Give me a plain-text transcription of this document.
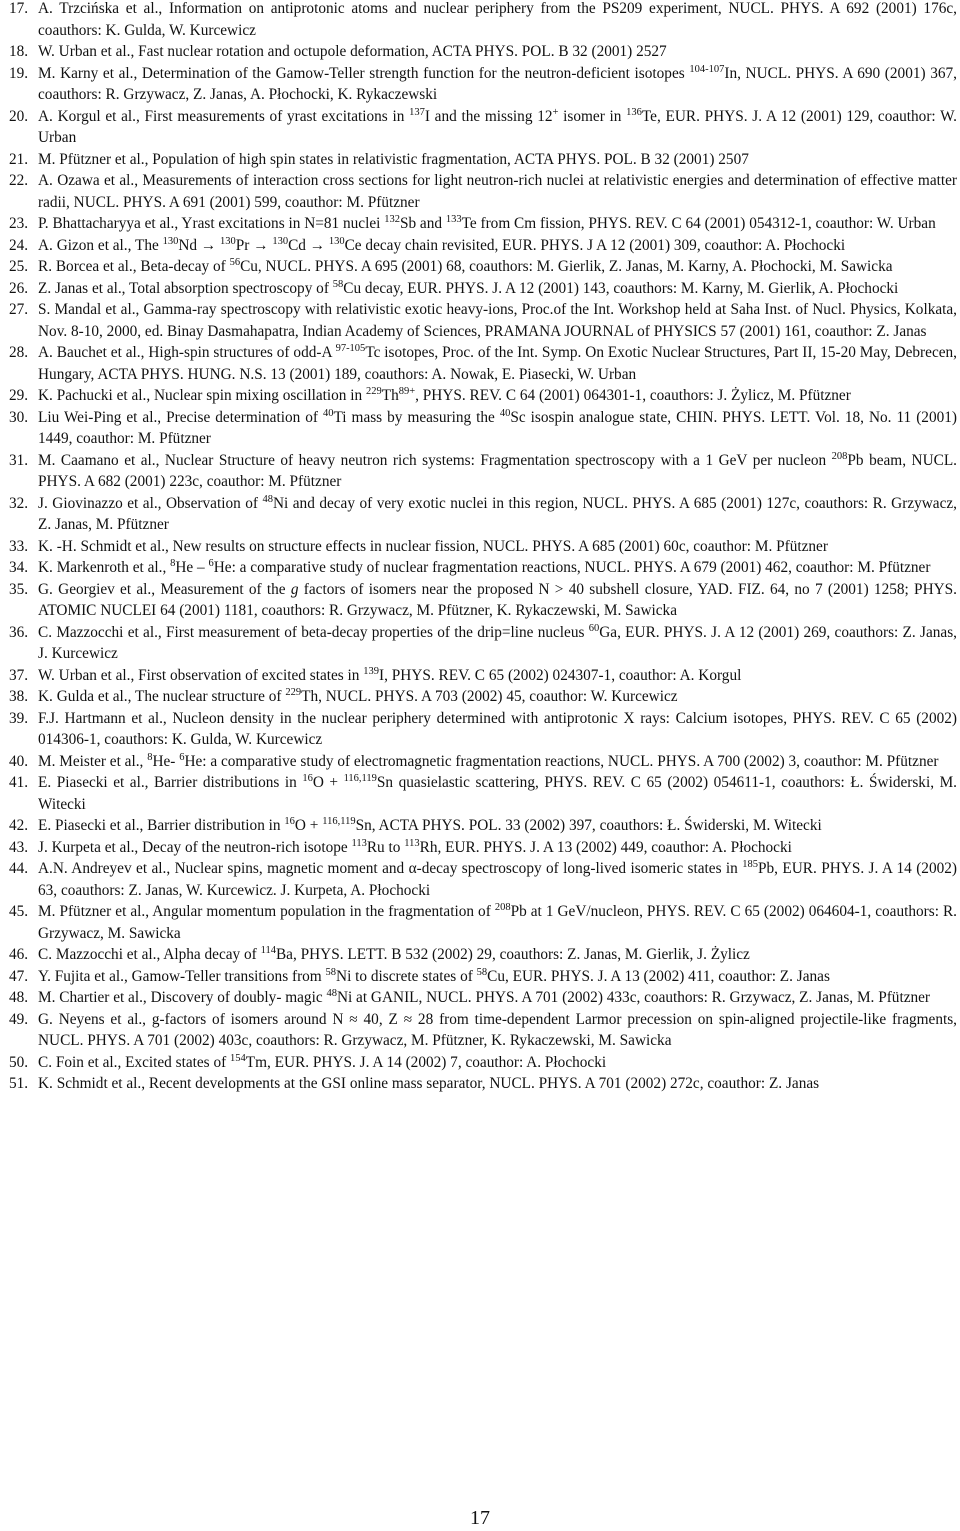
17. A. Trzcińska et al., Information on antiprotonic atoms and nuclear periphery from the PS209 experiment, NUCL. PHYS. A 692 (2001) 176c, coauthors: K. Gulda, W. Kurcewicz
18. W. Urban et al., Fast nuclear rotation and octupole deformation, ACTA PHYS. POL. B 32 (2001) 2527
19. M. Karny et al., Determination of the Gamow-Teller strength function for the neutron-deficient isotopes $^{104-107}$In, NUCL. PHYS. A 690 (2001) 367, coauthors: R. Grzywacz, Z. Janas, A. Płochocki, K. Rykaczewski
20. A. Korgul et al., First measurements of yrast excitations in $^{137}$I and the missing 12+ isomer in $^{136}$Te, EUR. PHYS. J. A 12 (2001) 129, coauthor: W. Urban
21. M. Pfützner et al., Population of high spin states in relativistic fragmentation, ACTA PHYS. POL. B 32 (2001) 2507
22. A. Ozawa et al., Measurements of interaction cross sections for light neutron-rich nuclei at relativistic energies and determination of effective matter radii, NUCL. PHYS. A 691 (2001) 599, coauthor: M. Pfützner
23. P. Bhattacharyya et al., Yrast excitations in N=81 nuclei $^{132}$Sb and $^{133}$Te from Cm fission, PHYS. REV. C 64 (2001) 054312-1, coauthor: W. Urban
24. A. Gizon et al., The $^{130}$Nd → $^{130}$Pr → $^{130}$Cd → $^{130}$Ce decay chain revisited, EUR. PHYS. J A 12 (2001) 309, coauthor: A. Płochocki
25. R. Borcea et al., Beta-decay of $^{56}$Cu, NUCL. PHYS. A 695 (2001) 68, coauthors: M. Gierlik, Z. Janas, M. Karny, A. Płochocki, M. Sawicka
26. Z. Janas et al., Total absorption spectroscopy of $^{58}$Cu decay, EUR. PHYS. J. A 12 (2001) 143, coauthors: M. Karny, M. Gierlik, A. Płochocki
27. S. Mandal et al., Gamma-ray spectroscopy with relativistic exotic heavy-ions, Proc.of the Int. Workshop held at Saha Inst. of Nucl. Physics, Kolkata, Nov. 8-10, 2000, ed. Binay Dasmahapatra, Indian Academy of Sciences, PRAMANA JOURNAL of PHYSICS 57 (2001) 161, coauthor: Z. Janas
28. A. Bauchet et al., High-spin structures of odd-A $^{97-105}$Tc isotopes, Proc. of the Int. Symp. On Exotic Nuclear Structures, Part II, 15-20 May, Debrecen, Hungary, ACTA PHYS. HUNG. N.S. 13 (2001) 189, coauthors: A. Nowak, E. Piasecki, W. Urban
29. K. Pachucki et al., Nuclear spin mixing oscillation in $^{229}Th^{89+}$, PHYS. REV. C 64 (2001) 064301-1, coauthors: J. Żylicz, M. Pfützner
30. Liu Wei-Ping et al., Precise determination of $^{40}$Ti mass by measuring the $^{40}$Sc isospin analogue state, CHIN. PHYS. LETT. Vol. 18, No. 11 (2001) 1449, coauthor: M. Pfützner
31. M. Caamano et al., Nuclear Structure of heavy neutron rich systems: Fragmentation spectroscopy with a 1 GeV per nucleon $^{208}$Pb beam, NUCL. PHYS. A 682 (2001) 223c, coauthor: M. Pfützner
32. J. Giovinazzo et al., Observation of $^{48}$Ni and decay of very exotic nuclei in this region, NUCL. PHYS. A 685 (2001) 127c, coauthors: R. Grzywacz, Z. Janas, M. Pfützner
33. K. -H. Schmidt et al., New results on structure effects in nuclear fission, NUCL. PHYS. A 685 (2001) 60c, coauthor: M. Pfützner
34. K. Markenroth et al., $^8$He – $^6$He: a comparative study of nuclear fragmentation reactions, NUCL. PHYS. A 679 (2001) 462, coauthor: M. Pfützner
35. G. Georgiev et al., Measurement of the g factors of isomers near the proposed N > 40 subshell closure, YAD. FIZ. 64, no 7 (2001) 1258; PHYS. ATOMIC NUCLEI 64 (2001) 1181, coauthors: R. Grzywacz, M. Pfützner, K. Rykaczewski, M. Sawicka
36. C. Mazzocchi et al., First measurement of beta-decay properties of the drip=line nucleus $^{60}$Ga, EUR. PHYS. J. A 12 (2001) 269, coauthors: Z. Janas, J. Kurcewicz
37. W. Urban et al., First observation of excited states in $^{139}$I, PHYS. REV. C 65 (2002) 024307-1, coauthor: A. Korgul
38. K. Gulda et al., The nuclear structure of $^{229}$Th, NUCL. PHYS. A 703 (2002) 45, coauthor: W. Kurcewicz
39. F.J. Hartmann et al., Nucleon density in the nuclear periphery determined with antiprotonic X rays: Calcium isotopes, PHYS. REV. C 65 (2002) 014306-1, coauthors: K. Gulda, W. Kurcewicz
40. M. Meister et al., $^8$He- $^6$He: a comparative study of electromagnetic fragmentation reactions, NUCL. PHYS. A 700 (2002) 3, coauthor: M. Pfützner
41. E. Piasecki et al., Barrier distributions in $^{16}$O + $^{116,119}$Sn quasielastic scattering, PHYS. REV. C 65 (2002) 054611-1, coauthors: Ł. Świderski, M. Witecki
42. E. Piasecki et al., Barrier distribution in $^{16}$O + $^{116,119}$Sn, ACTA PHYS. POL. 33 (2002) 397, coauthors: Ł. Świderski, M. Witecki
43. J. Kurpeta et al., Decay of the neutron-rich isotope $^{113}$Ru to $^{113}$Rh, EUR. PHYS. J. A 13 (2002) 449, coauthor: A. Płochocki
44. A.N. Andreyev et al., Nuclear spins, magnetic moment and α-decay spectroscopy of long-lived isomeric states in $^{185}$Pb, EUR. PHYS. J. A 14 (2002) 63, coauthors: Z. Janas, W. Kurcewicz. J. Kurpeta, A. Płochocki
45. M. Pfützner et al., Angular momentum population in the fragmentation of $^{208}$Pb at 1 GeV/nucleon, PHYS. REV. C 65 (2002) 064604-1, coauthors: R. Grzywacz, M. Sawicka
46. C. Mazzocchi et al., Alpha decay of $^{114}$Ba, PHYS. LETT. B 532 (2002) 29, coauthors: Z. Janas, M. Gierlik, J. Żylicz
47. Y. Fujita et al., Gamow-Teller transitions from $^{58}$Ni to discrete states of $^{58}$Cu, EUR. PHYS. J. A 13 (2002) 411, coauthor: Z. Janas
48. M. Chartier et al., Discovery of doubly- magic $^{48}$Ni at GANIL, NUCL. PHYS. A 701 (2002) 433c, coauthors: R. Grzywacz, Z. Janas, M. Pfützner
49. G. Neyens et al., g-factors of isomers around N ≈ 40, Z ≈ 28 from time-dependent Larmor precession on spin-aligned projectile-like fragments, NUCL. PHYS. A 701 (2002) 403c, coauthors: R. Grzywacz, M. Pfützner, K. Rykaczewski, M. Sawicka
50. C. Foin et al., Excited states of $^{154}$Tm, EUR. PHYS. J. A 14 (2002) 7, coauthor: A. Płochocki
51. K. Schmidt et al., Recent developments at the GSI online mass separator, NUCL. PHYS. A 701 (2002) 272c, coauthor: Z. Janas
17
